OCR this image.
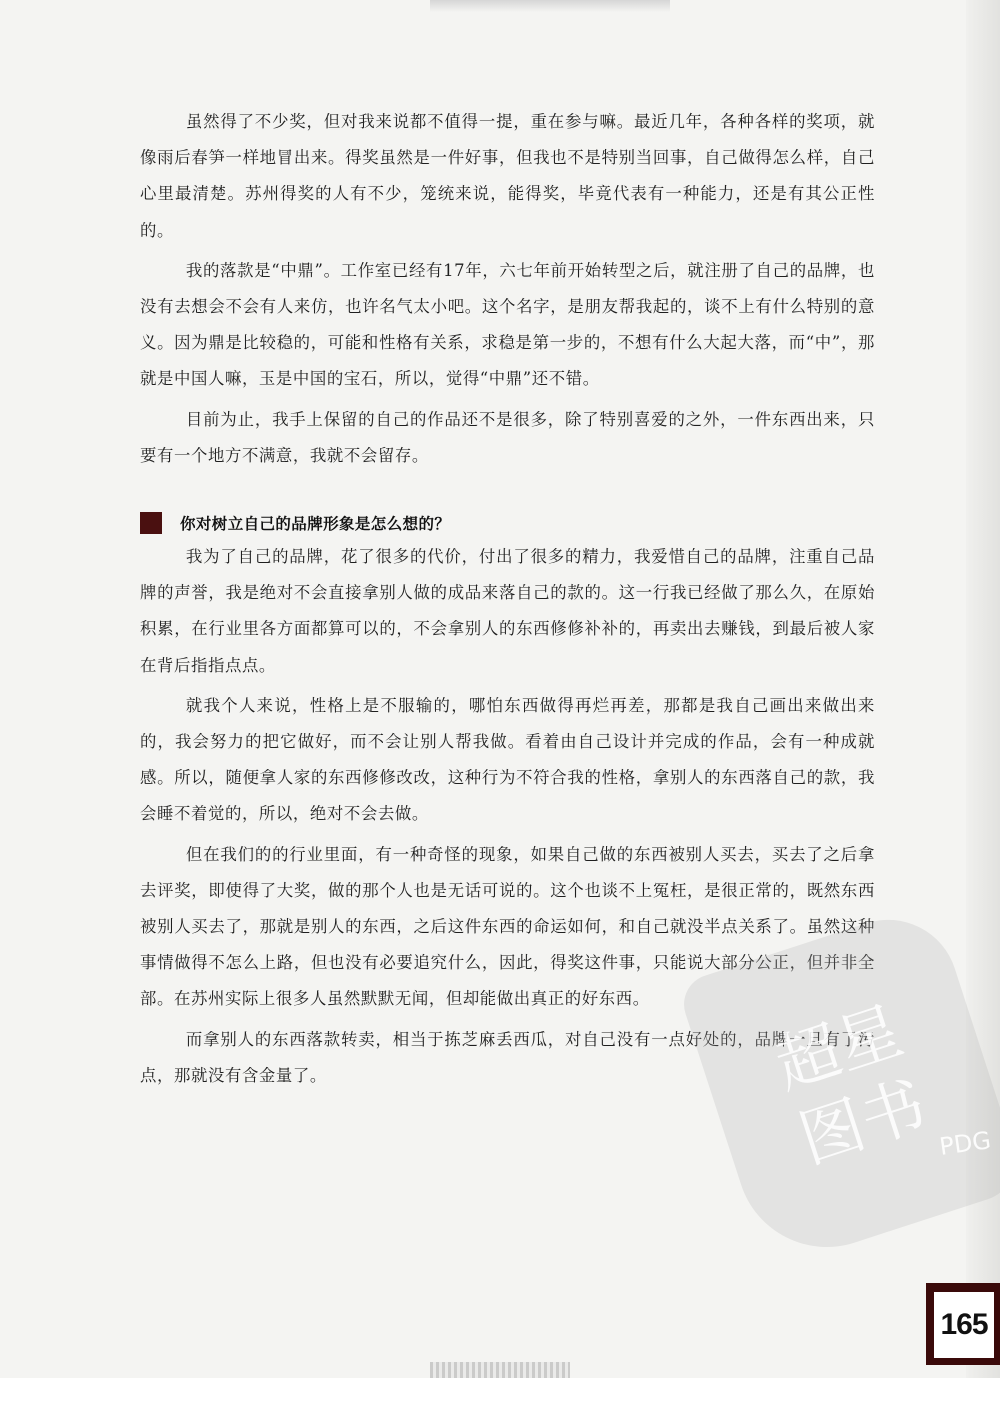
虽然得了不少奖，但对我来说都不值得一提，重在参与嘛。最近几年，各种各样的奖项，就像雨后春笋一样地冒出来。得奖虽然是一件好事，但我也不是特别当回事，自己做得怎么样，自己心里最清楚。苏州得奖的人有不少，笼统来说，能得奖，毕竟代表有一种能力，还是有其公正性的。

我的落款是“中鼎”。工作室已经有17年，六七年前开始转型之后，就注册了自己的品牌，也没有去想会不会有人来仿，也许名气太小吧。这个名字，是朋友帮我起的，谈不上有什么特别的意义。因为鼎是比较稳的，可能和性格有关系，求稳是第一步的，不想有什么大起大落，而“中”，那就是中国人嘛，玉是中国的宝石，所以，觉得“中鼎”还不错。

目前为止，我手上保留的自己的作品还不是很多，除了特别喜爱的之外，一件东西出来，只要有一个地方不满意，我就不会留存。

你对树立自己的品牌形象是怎么想的？

我为了自己的品牌，花了很多的代价，付出了很多的精力，我爱惜自己的品牌，注重自己品牌的声誉，我是绝对不会直接拿别人做的成品来落自己的款的。这一行我已经做了那么久，在原始积累，在行业里各方面都算可以的，不会拿别人的东西修修补补的，再卖出去赚钱，到最后被人家在背后指指点点。

就我个人来说，性格上是不服输的，哪怕东西做得再烂再差，那都是我自己画出来做出来的，我会努力的把它做好，而不会让别人帮我做。看着由自己设计并完成的作品，会有一种成就感。所以，随便拿人家的东西修修改改，这种行为不符合我的性格，拿别人的东西落自己的款，我会睡不着觉的，所以，绝对不会去做。

但在我们的的行业里面，有一种奇怪的现象，如果自己做的东西被别人买去，买去了之后拿去评奖，即使得了大奖，做的那个人也是无话可说的。这个也谈不上冤枉，是很正常的，既然东西被别人买去了，那就是别人的东西，之后这件东西的命运如何，和自己就没半点关系了。虽然这种事情做得不怎么上路，但也没有必要追究什么，因此，得奖这件事，只能说大部分公正，但并非全部。在苏州实际上很多人虽然默默无闻，但却能做出真正的好东西。

而拿别人的东西落款转卖，相当于拣芝麻丢西瓜，对自己没有一点好处的，品牌一旦有了污点，那就没有含金量了。	超星图书 PDG
165
